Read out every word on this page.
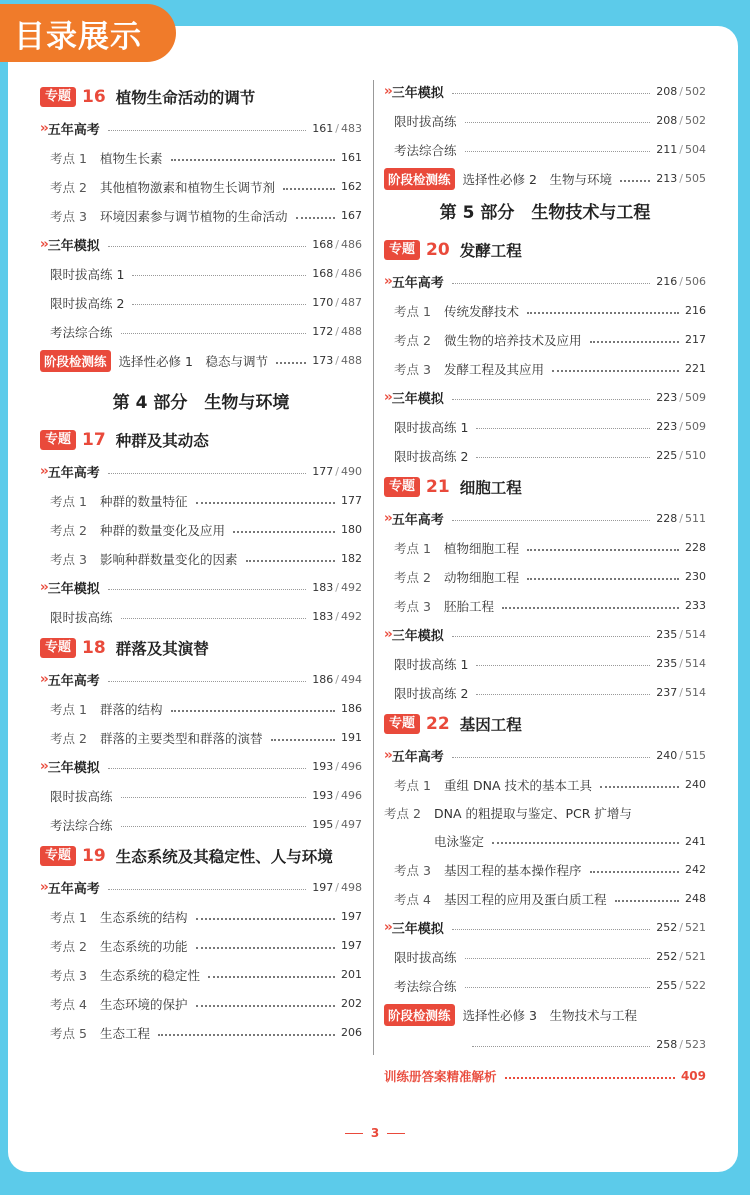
目录展示
专题 16 植物生命活动的调节
›› 五年高考	161 / 483
考点 1	植物生长素	161
考点 2	其他植物激素和植物生长调节剂	162
考点 3	环境因素参与调节植物的生命活动	167
›› 三年模拟	168 / 486
限时拔高练 1	168 / 486
限时拔高练 2	170 / 487
考法综合练	172 / 488
阶段检测练 选择性必修 1　稳态与调节	173 / 488
第 4 部分　生物与环境
专题 17 种群及其动态
›› 五年高考	177 / 490
考点 1	种群的数量特征	177
考点 2	种群的数量变化及应用	180
考点 3	影响种群数量变化的因素	182
›› 三年模拟	183 / 492
限时拔高练	183 / 492
专题 18 群落及其演替
›› 五年高考	186 / 494
考点 1	群落的结构	186
考点 2	群落的主要类型和群落的演替	191
›› 三年模拟	193 / 496
限时拔高练	193 / 496
考法综合练	195 / 497
专题 19 生态系统及其稳定性、人与环境
›› 五年高考	197 / 498
考点 1	生态系统的结构	197
考点 2	生态系统的功能	197
考点 3	生态系统的稳定性	201
考点 4	生态环境的保护	202
考点 5	生态工程	206
›› 三年模拟	208 / 502
限时拔高练	208 / 502
考法综合练	211 / 504
阶段检测练 选择性必修 2　生物与环境	213 / 505
第 5 部分　生物技术与工程
专题 20 发酵工程
›› 五年高考	216 / 506
考点 1	传统发酵技术	216
考点 2	微生物的培养技术及应用	217
考点 3	发酵工程及其应用	221
›› 三年模拟	223 / 509
限时拔高练 1	223 / 509
限时拔高练 2	225 / 510
专题 21 细胞工程
›› 五年高考	228 / 511
考点 1	植物细胞工程	228
考点 2	动物细胞工程	230
考点 3	胚胎工程	233
›› 三年模拟	235 / 514
限时拔高练 1	235 / 514
限时拔高练 2	237 / 514
专题 22 基因工程
›› 五年高考	240 / 515
考点 1	重组 DNA 技术的基本工具	240
考点 2	DNA 的粗提取与鉴定、PCR 扩增与
电泳鉴定	241
考点 3	基因工程的基本操作程序	242
考点 4	基因工程的应用及蛋白质工程	248
›› 三年模拟	252 / 521
限时拔高练	252 / 521
考法综合练	255 / 522
阶段检测练 选择性必修 3　生物技术与工程
258 / 523
训练册答案精准解析	409
3
